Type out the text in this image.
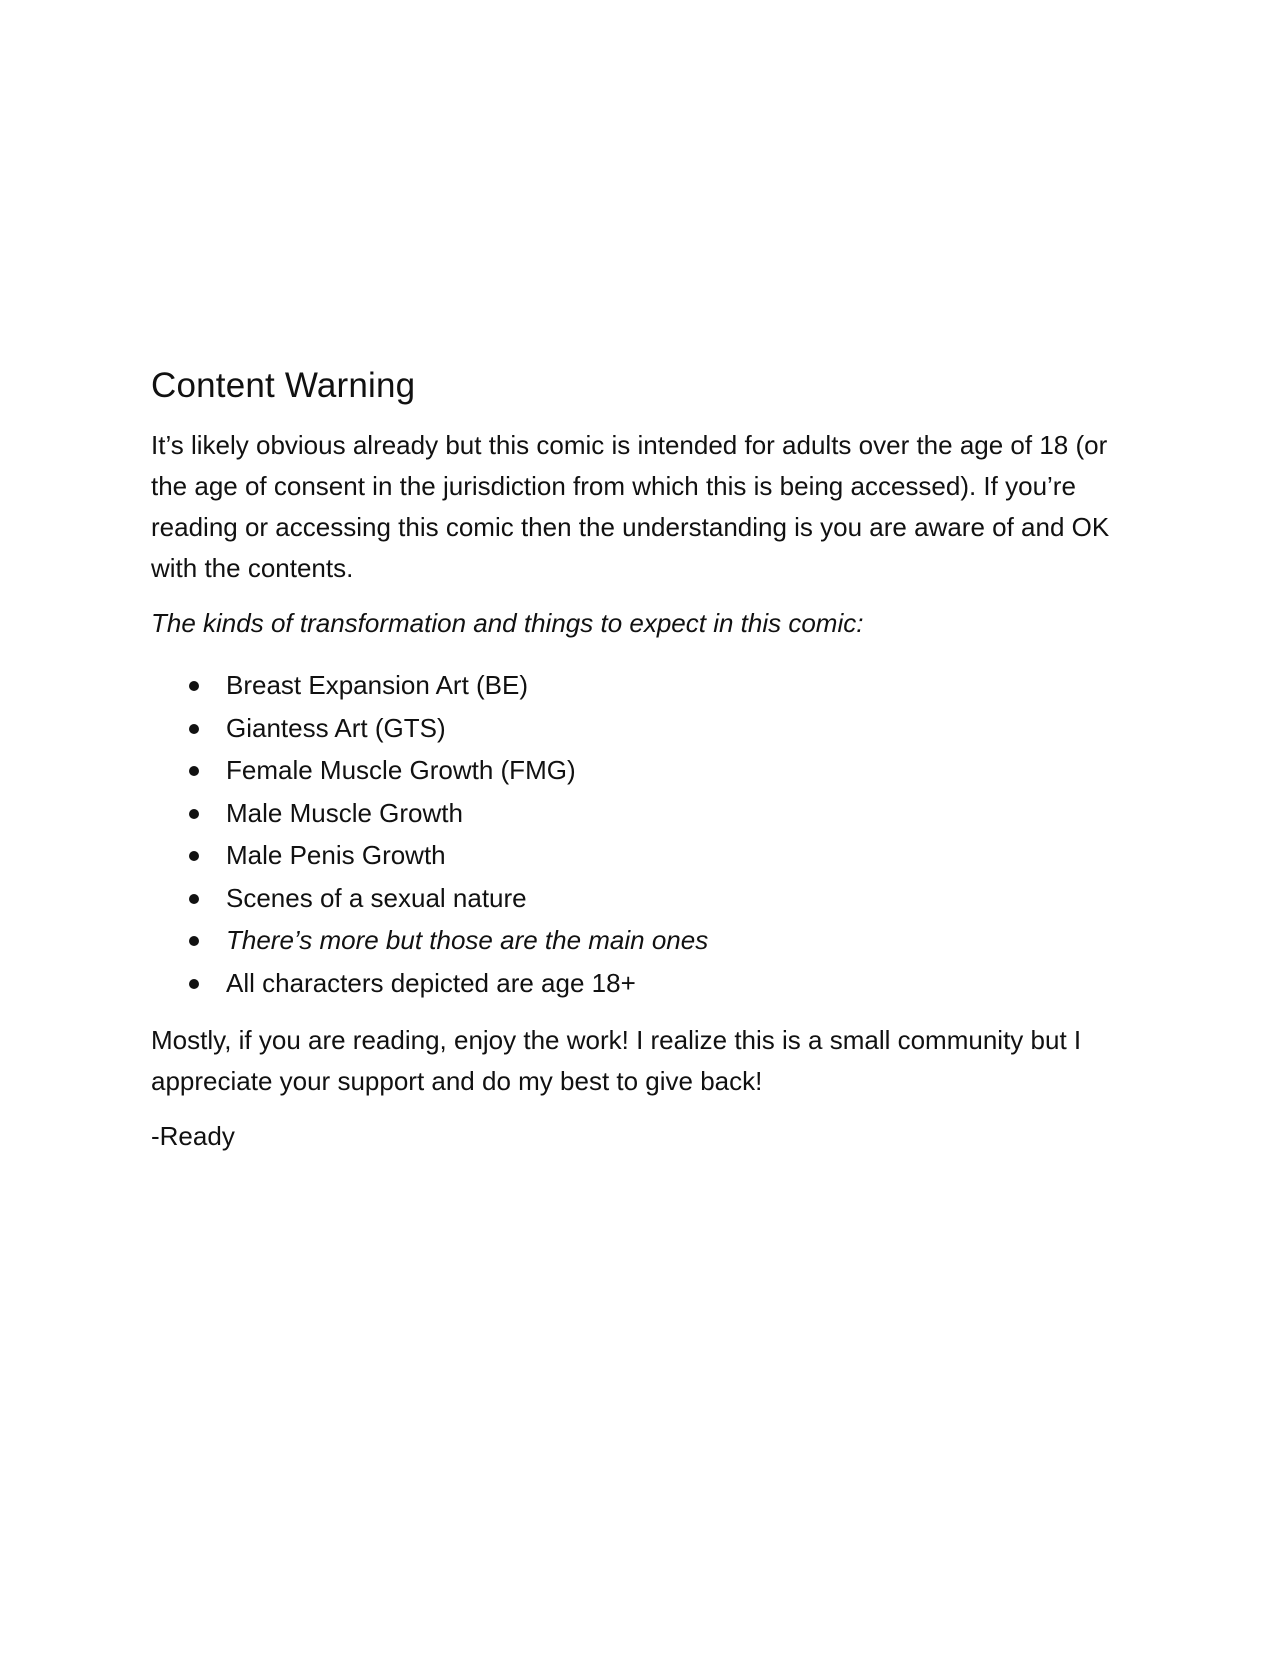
Content Warning

It’s likely obvious already but this comic is intended for adults over the age of 18 (or the age of consent in the jurisdiction from which this is being accessed). If you’re reading or accessing this comic then the understanding is you are aware of and OK with the contents.

The kinds of transformation and things to expect in this comic:

Breast Expansion Art (BE)
Giantess Art (GTS)
Female Muscle Growth (FMG)
Male Muscle Growth
Male Penis Growth
Scenes of a sexual nature
There’s more but those are the main ones
All characters depicted are age 18+

Mostly, if you are reading, enjoy the work! I realize this is a small community but I appreciate your support and do my best to give back!

-Ready
